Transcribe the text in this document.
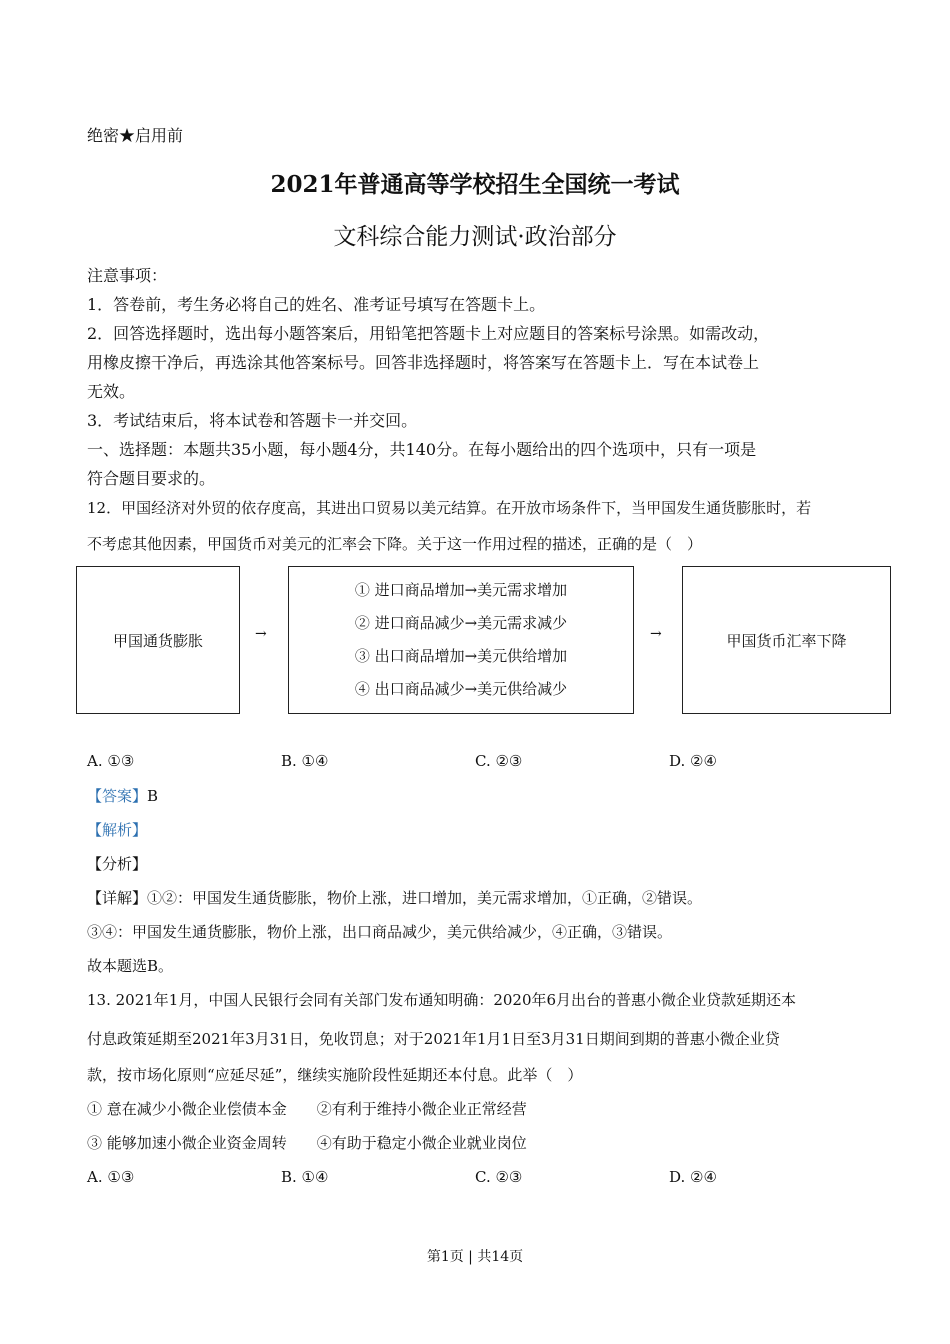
绝密★启用前
2021年普通高等学校招生全国统一考试
文科综合能力测试·政治部分
注意事项：
1．答卷前，考生务必将自己的姓名、准考证号填写在答题卡上。
2．回答选择题时，选出每小题答案后，用铅笔把答题卡上对应题目的答案标号涂黑。如需改动，
用橡皮擦干净后，再选涂其他答案标号。回答非选择题时，将答案写在答题卡上．写在本试卷上
无效。
3．考试结束后，将本试卷和答题卡一并交回。
一、选择题：本题共35小题，每小题4分，共140分。在每小题给出的四个选项中，只有一项是
符合题目要求的。
12．甲国经济对外贸的依存度高，其进出口贸易以美元结算。在开放市场条件下，当甲国发生通货膨胀时，若
不考虑其他因素，甲国货币对美元的汇率会下降。关于这一作用过程的描述，正确的是（　）
甲国通货膨胀	→
① 进口商品增加→美元需求增加
② 进口商品减少→美元需求减少
③ 出口商品增加→美元供给增加
④ 出口商品减少→美元供给减少
→	甲国货币汇率下降
A. ①③	B. ①④	C. ②③	D. ②④
【答案】B
【解析】
【分析】
【详解】①②：甲国发生通货膨胀，物价上涨，进口增加，美元需求增加，①正确，②错误。
③④：甲国发生通货膨胀，物价上涨，出口商品减少，美元供给减少，④正确，③错误。
故本题选B。
13. 2021年1月，中国人民银行会同有关部门发布通知明确：2020年6月出台的普惠小微企业贷款延期还本
付息政策延期至2021年3月31日，免收罚息；对于2021年1月1日至3月31日期间到期的普惠小微企业贷
款，按市场化原则“应延尽延”，继续实施阶段性延期还本付息。此举（　）
① 意在减少小微企业偿债本金　　②有利于维持小微企业正常经营
③ 能够加速小微企业资金周转　　④有助于稳定小微企业就业岗位
A. ①③	B. ①④	C. ②③	D. ②④
第1页 | 共14页
